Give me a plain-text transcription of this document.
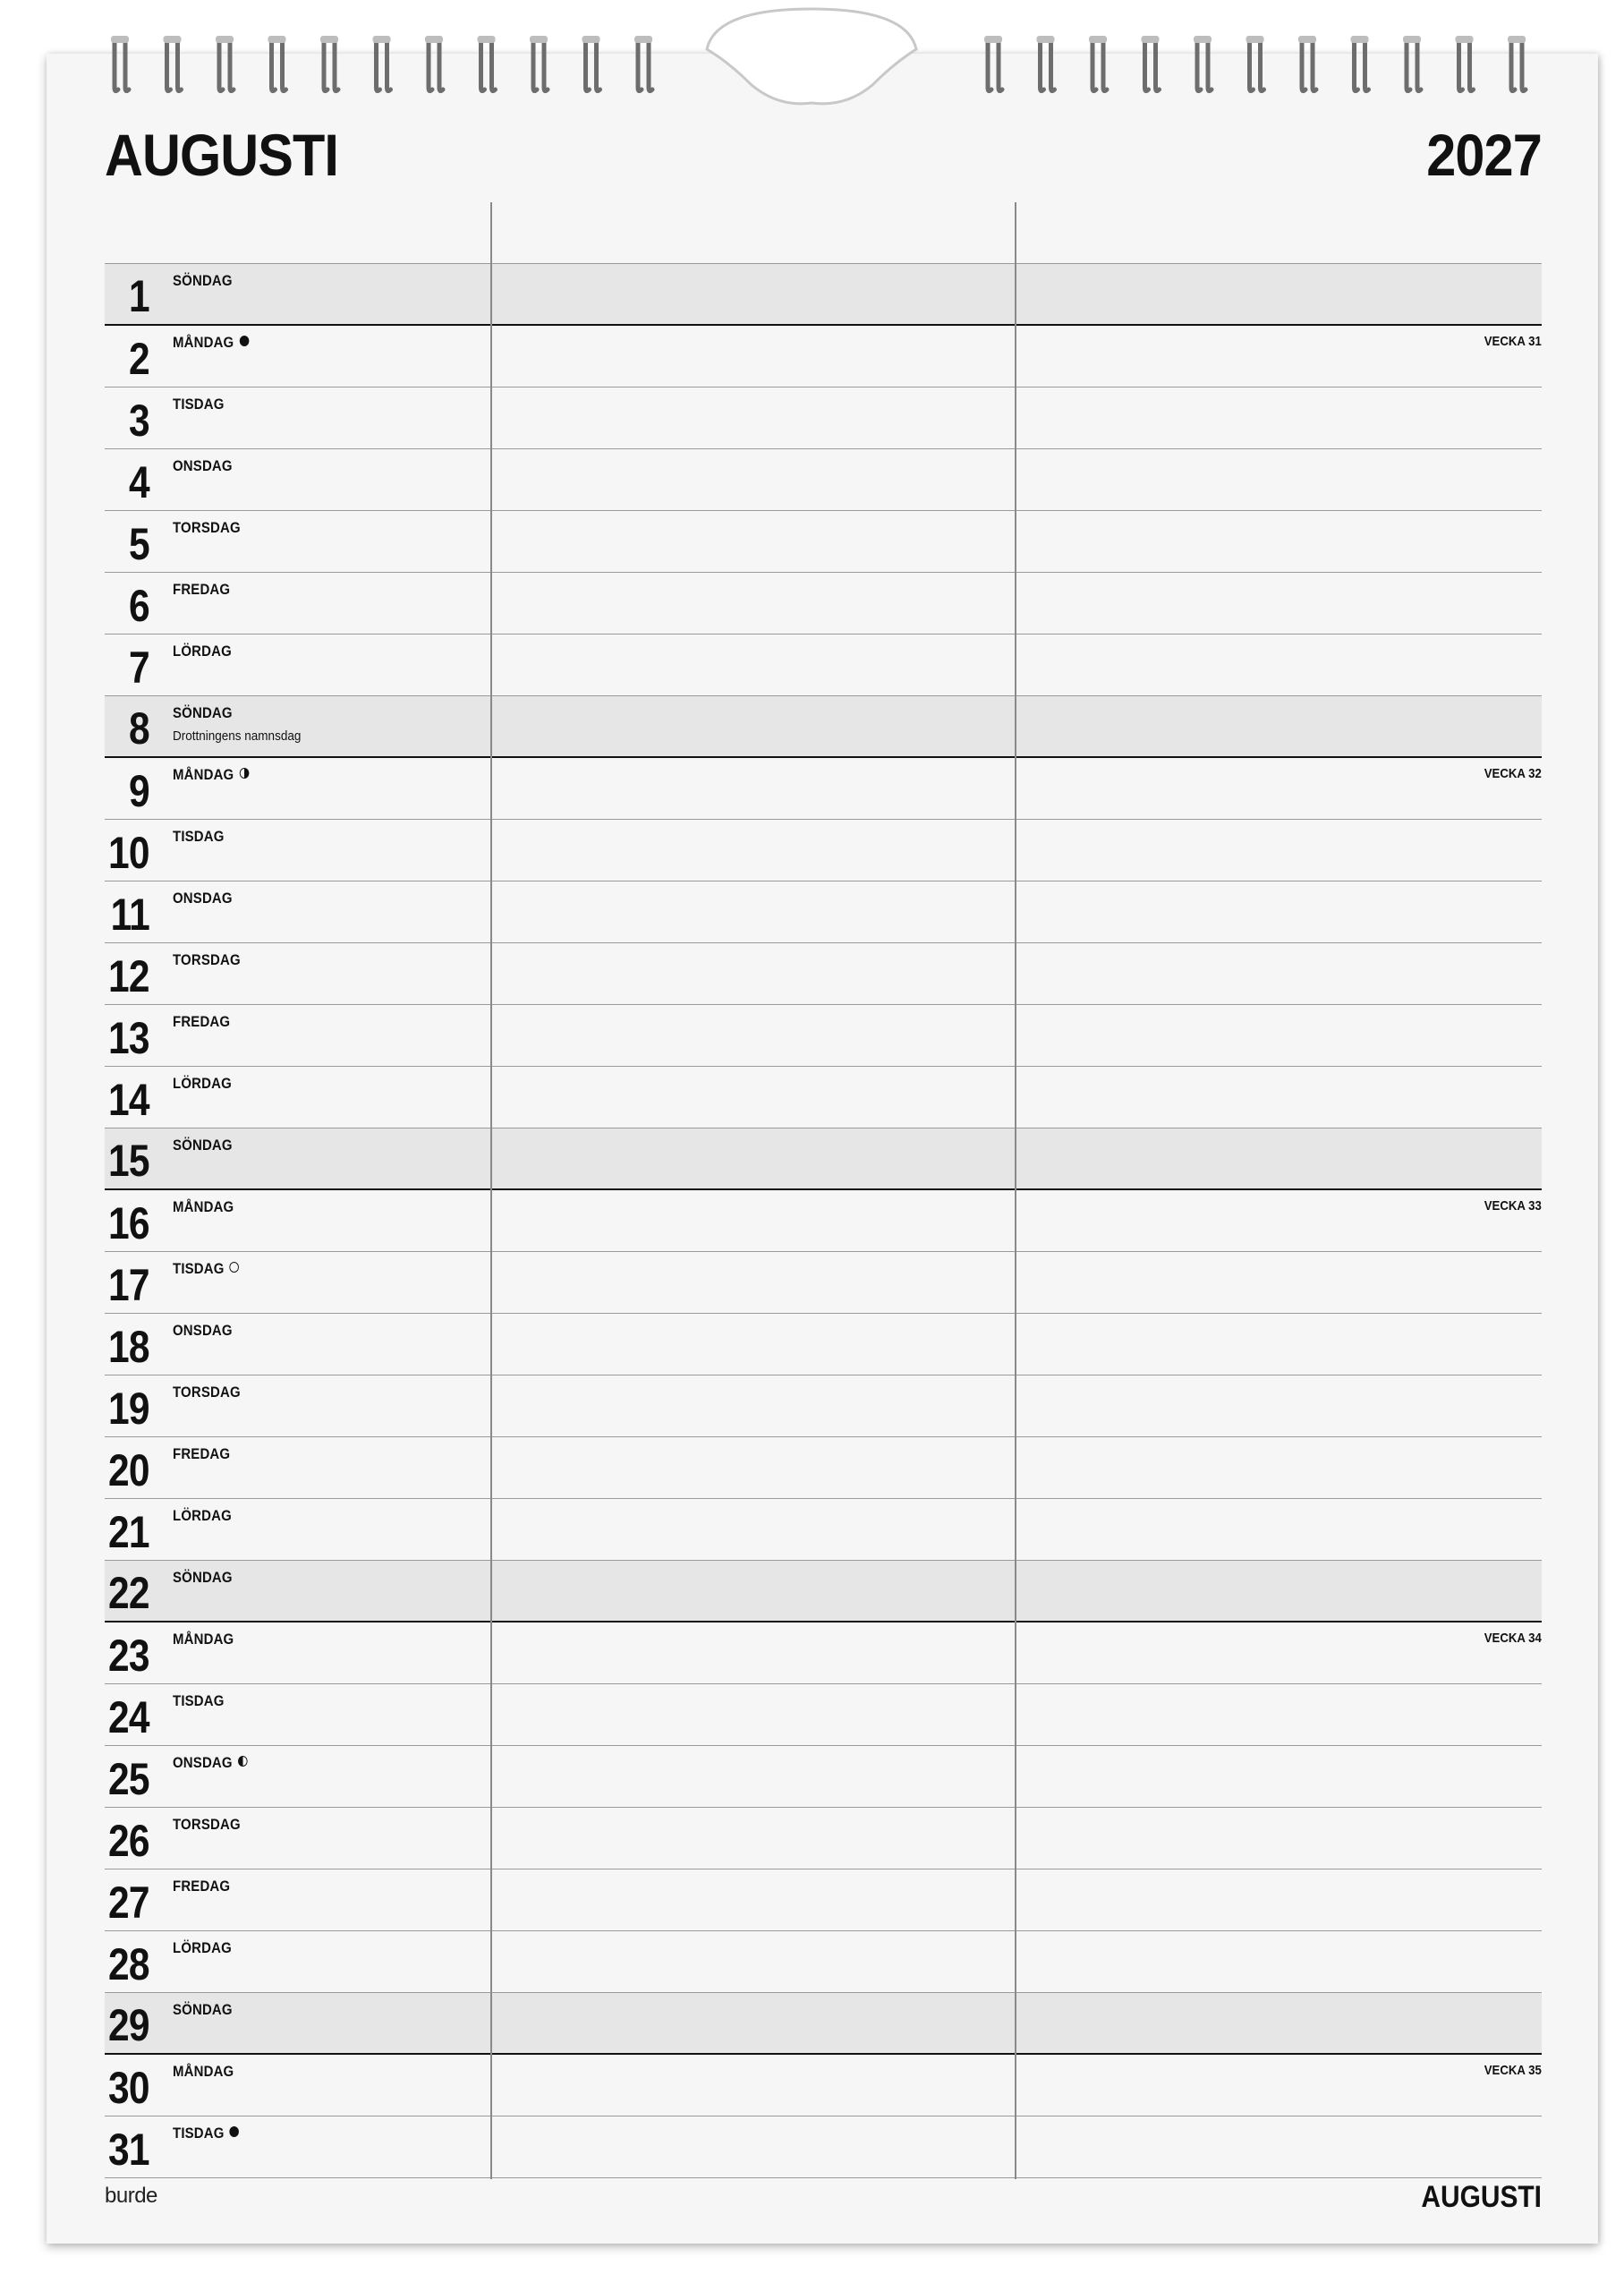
AUGUSTI	2027
1 SÖNDAG
2 MÅNDAG	VECKA 31
3 TISDAG
4 ONSDAG
5 TORSDAG
6 FREDAG
7 LÖRDAG
8 SÖNDAG
Drottningens namnsdag
9 MÅNDAG	VECKA 32
10 TISDAG
11 ONSDAG
12 TORSDAG
13 FREDAG
14 LÖRDAG
15 SÖNDAG
16 MÅNDAG	VECKA 33
17 TISDAG
18 ONSDAG
19 TORSDAG
20 FREDAG
21 LÖRDAG
22 SÖNDAG
23 MÅNDAG	VECKA 34
24 TISDAG
25 ONSDAG
26 TORSDAG
27 FREDAG
28 LÖRDAG
29 SÖNDAG
30 MÅNDAG	VECKA 35
31 TISDAG
burde	AUGUSTI
